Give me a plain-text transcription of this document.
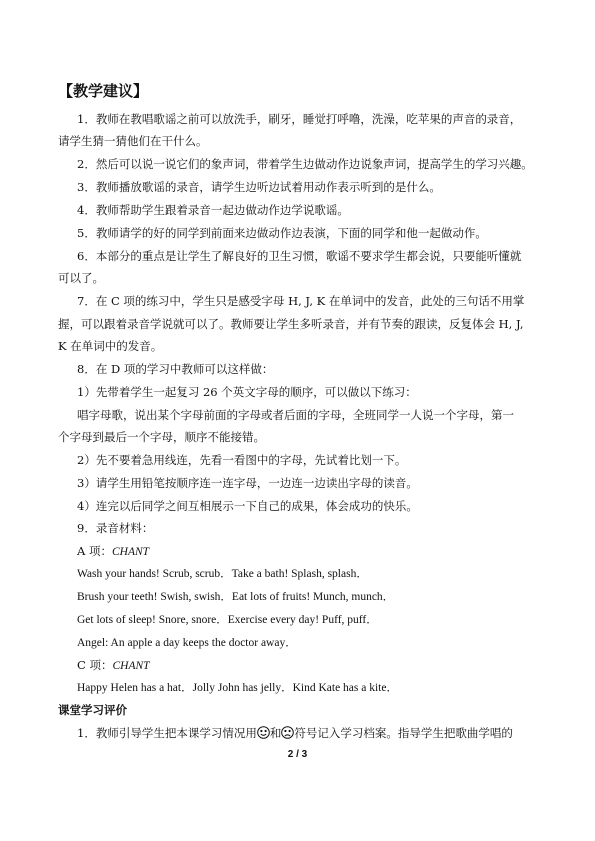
【教学建议】
1．教师在教唱歌谣之前可以放洗手，刷牙，睡觉打呼噜，洗澡，吃苹果的声音的录音，
请学生猜一猜他们在干什么。
2．然后可以说一说它们的象声词，带着学生边做动作边说象声词，提高学生的学习兴趣。
3．教师播放歌谣的录音，请学生边听边试着用动作表示听到的是什么。
4．教师帮助学生跟着录音一起边做动作边学说歌谣。
5．教师请学的好的同学到前面来边做动作边表演，下面的同学和他一起做动作。
6．本部分的重点是让学生了解良好的卫生习惯，歌谣不要求学生都会说，只要能听懂就
可以了。
7．在 C 项的练习中，学生只是感受字母 H, J, K 在单词中的发音，此处的三句话不用掌
握，可以跟着录音学说就可以了。教师要让学生多听录音，并有节奏的跟读，反复体会 H, J,
K 在单词中的发音。
8．在 D 项的学习中教师可以这样做：
1）先带着学生一起复习 26 个英文字母的顺序，可以做以下练习：
唱字母歌，说出某个字母前面的字母或者后面的字母，全班同学一人说一个字母，第一
个字母到最后一个字母，顺序不能接错。
2）先不要着急用线连，先看一看图中的字母，先试着比划一下。
3）请学生用铅笔按顺序连一连字母，一边连一边读出字母的读音。
4）连完以后同学之间互相展示一下自己的成果，体会成功的快乐。
9．录音材料：
A 项：CHANT
Wash your hands! Scrub, scrub．Take a bath! Splash, splash．
Brush your teeth! Swish, swish．Eat lots of fruits! Munch, munch．
Get lots of sleep! Snore, snore．Exercise every day! Puff, puff．
Angel: An apple a day keeps the doctor away．
C 项：CHANT
Happy Helen has a hat．Jolly John has jelly．Kind Kate has a kite．
课堂学习评价
1．教师引导学生把本课学习情况用 和 符号记入学习档案。指导学生把歌曲学唱的
2 / 3
